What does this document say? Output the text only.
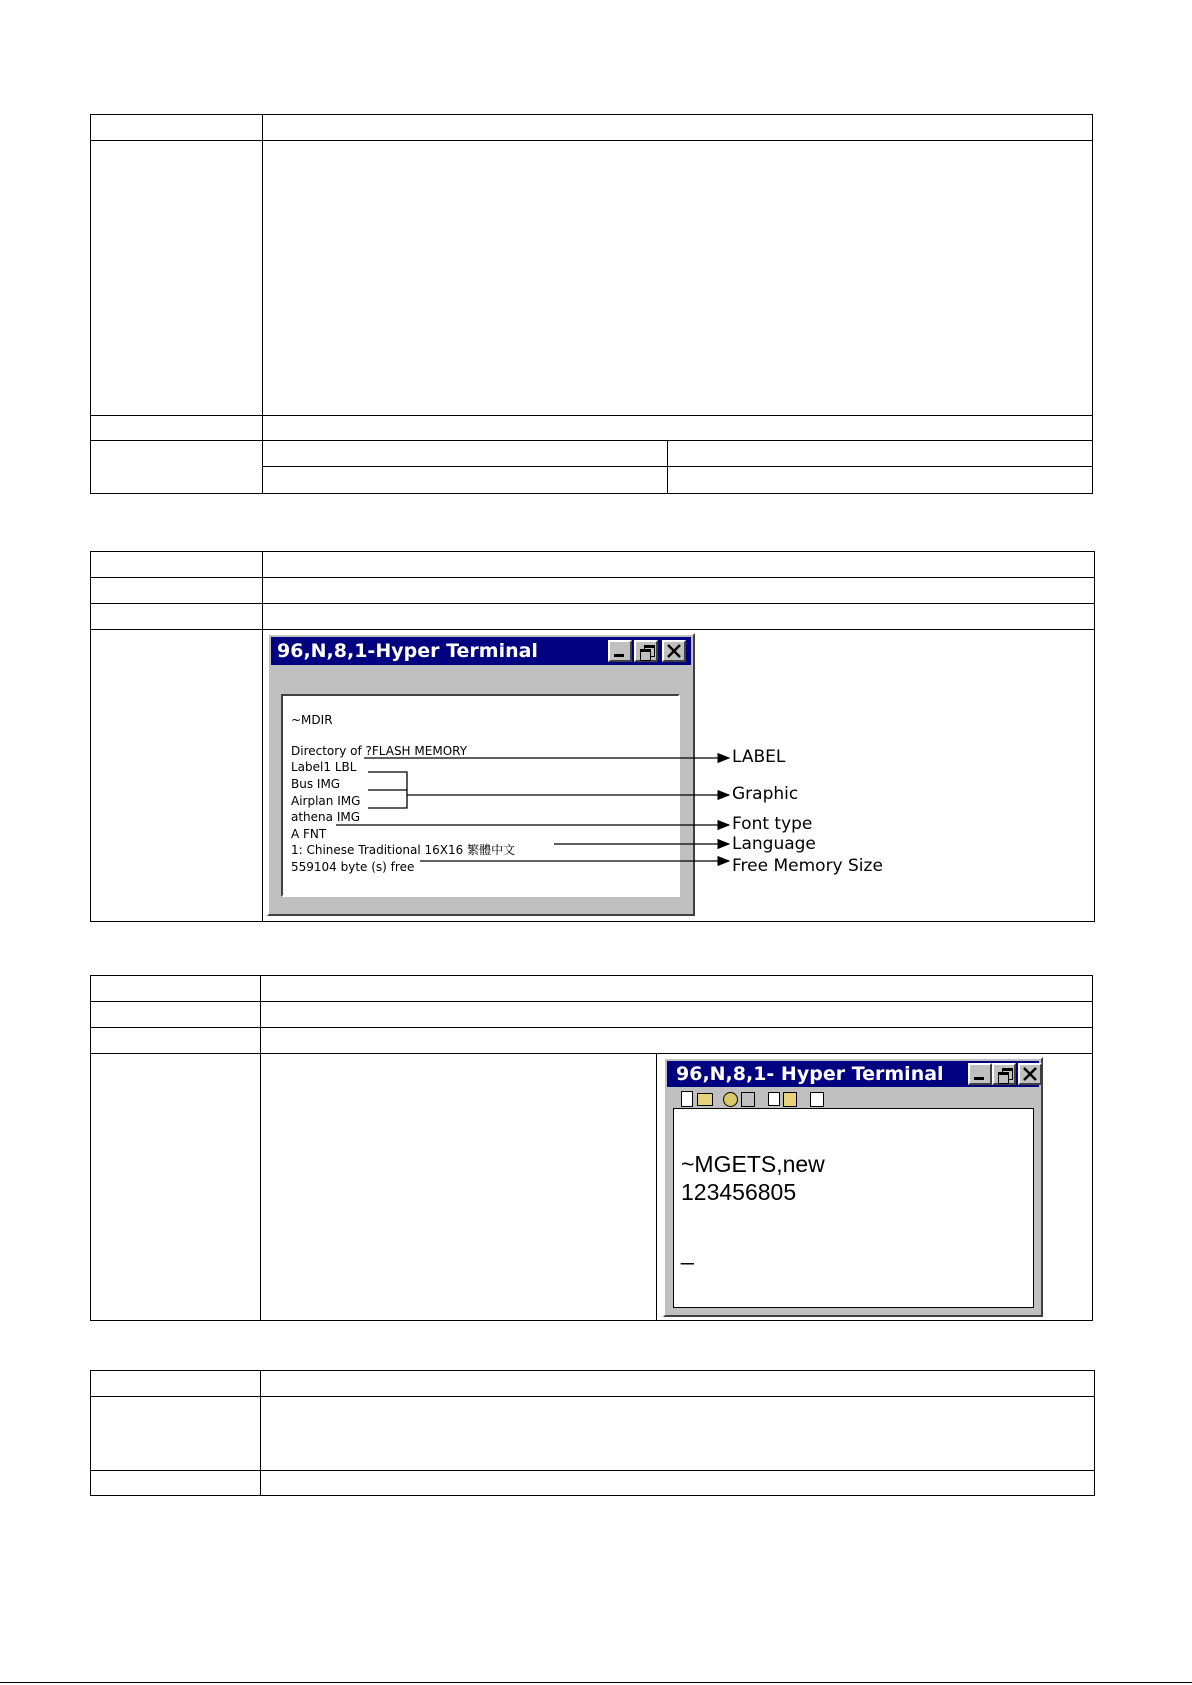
96,N,8,1-Hyper Terminal
~MDIR
Directory of ?FLASH MEMORY
Label1 LBL
Bus IMG
Airplan IMG
athena IMG
A FNT
1: Chinese Traditional 16X16 繁體中文
559104 byte (s) free
LABEL
Graphic
Font type
Language
Free Memory Size
96,N,8,1- Hyper Terminal
~MGETS,new
123456805
_
